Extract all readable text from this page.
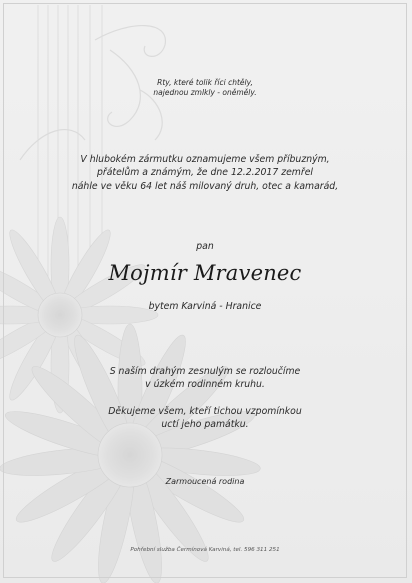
Rty, které tolik říci chtěly,
najednou zmlkly - oněměly.
V hlubokém zármutku oznamujeme všem příbuzným,
přátelům a známým, že dne 12.2.2017 zemřel
náhle ve věku 64 let náš milovaný druh, otec a kamarád,
pan
Mojmír Mravenec
bytem Karviná - Hranice
S naším drahým zesnulým se rozloučíme
v úzkém rodinném kruhu.
Děkujeme všem, kteří tichou vzpomínkou
uctí jeho památku.
Zarmoucená rodina
Pohřební služba Čermínová Karviná, tel. 596 311 251
